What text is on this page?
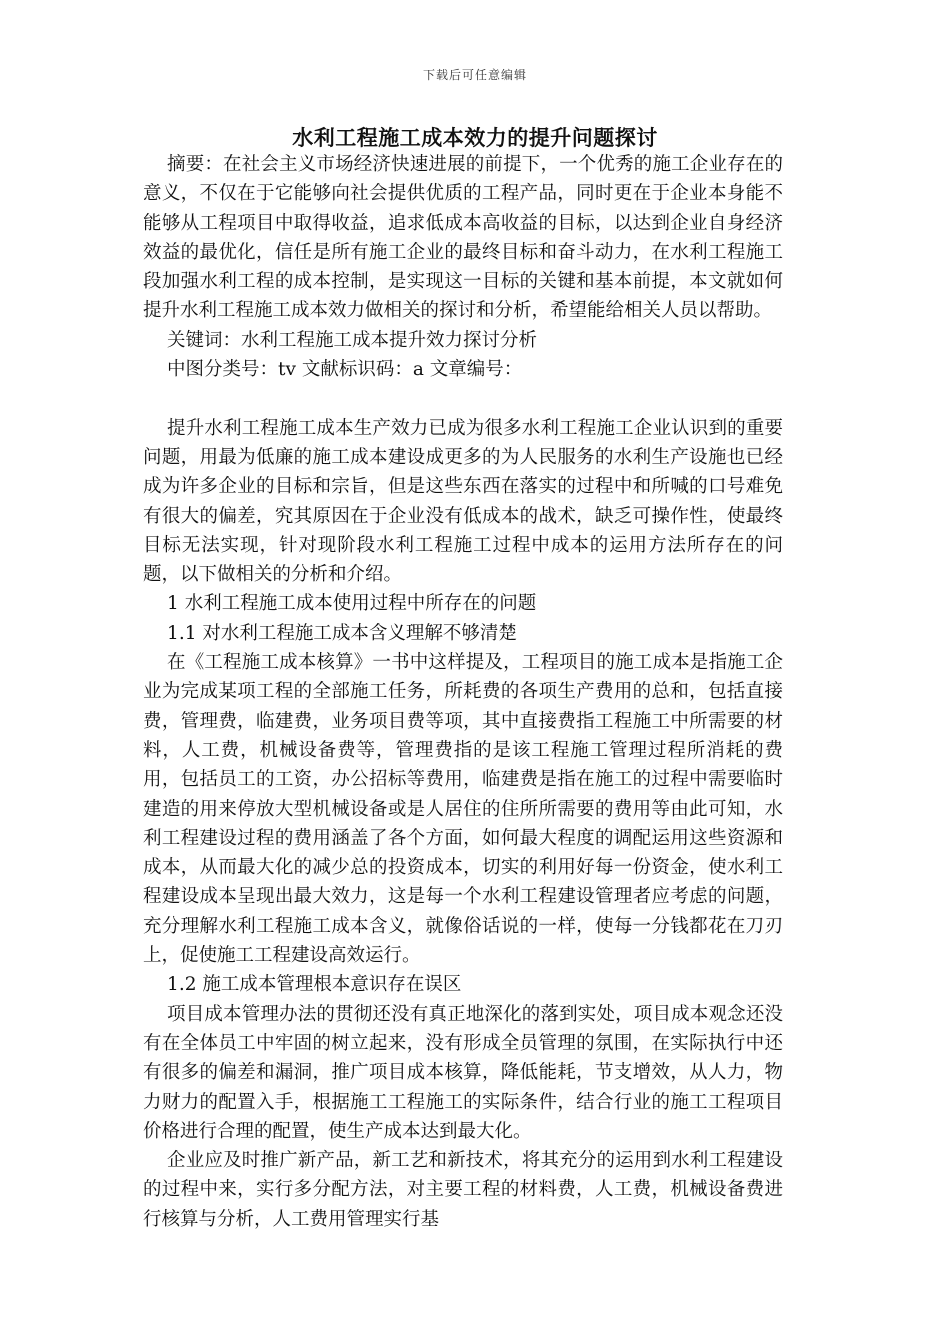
下载后可任意编辑
水利工程施工成本效力的提升问题探讨

摘要：在社会主义市场经济快速进展的前提下，一个优秀的施工企业存在的意义，不仅在于它能够向社会提供优质的工程产品，同时更在于企业本身能不能够从工程项目中取得收益，追求低成本高收益的目标，以达到企业自身经济效益的最优化，信任是所有施工企业的最终目标和奋斗动力，在水利工程施工段加强水利工程的成本控制，是实现这一目标的关键和基本前提，本文就如何提升水利工程施工成本效力做相关的探讨和分析，希望能给相关人员以帮助。

关键词：水利工程施工成本提升效力探讨分析

中图分类号：tv 文献标识码：a 文章编号：

提升水利工程施工成本生产效力已成为很多水利工程施工企业认识到的重要问题，用最为低廉的施工成本建设成更多的为人民服务的水利生产设施也已经成为许多企业的目标和宗旨，但是这些东西在落实的过程中和所喊的口号难免有很大的偏差，究其原因在于企业没有低成本的战术，缺乏可操作性，使最终目标无法实现，针对现阶段水利工程施工过程中成本的运用方法所存在的问题，以下做相关的分析和介绍。

1 水利工程施工成本使用过程中所存在的问题

1.1 对水利工程施工成本含义理解不够清楚

在《工程施工成本核算》一书中这样提及，工程项目的施工成本是指施工企业为完成某项工程的全部施工任务，所耗费的各项生产费用的总和，包括直接费，管理费，临建费，业务项目费等项，其中直接费指工程施工中所需要的材料，人工费，机械设备费等，管理费指的是该工程施工管理过程所消耗的费用，包括员工的工资，办公招标等费用，临建费是指在施工的过程中需要临时建造的用来停放大型机械设备或是人居住的住所所需要的费用等由此可知，水利工程建设过程的费用涵盖了各个方面，如何最大程度的调配运用这些资源和成本，从而最大化的减少总的投资成本，切实的利用好每一份资金，使水利工程建设成本呈现出最大效力，这是每一个水利工程建设管理者应考虑的问题，充分理解水利工程施工成本含义，就像俗话说的一样，使每一分钱都花在刀刃上，促使施工工程建设高效运行。

1.2 施工成本管理根本意识存在误区

项目成本管理办法的贯彻还没有真正地深化的落到实处，项目成本观念还没有在全体员工中牢固的树立起来，没有形成全员管理的氛围，在实际执行中还有很多的偏差和漏洞，推广项目成本核算，降低能耗，节支增效，从人力，物力财力的配置入手，根据施工工程施工的实际条件，结合行业的施工工程项目价格进行合理的配置，使生产成本达到最大化。

企业应及时推广新产品，新工艺和新技术，将其充分的运用到水利工程建设的过程中来，实行多分配方法，对主要工程的材料费，人工费，机械设备费进行核算与分析，人工费用管理实行基
